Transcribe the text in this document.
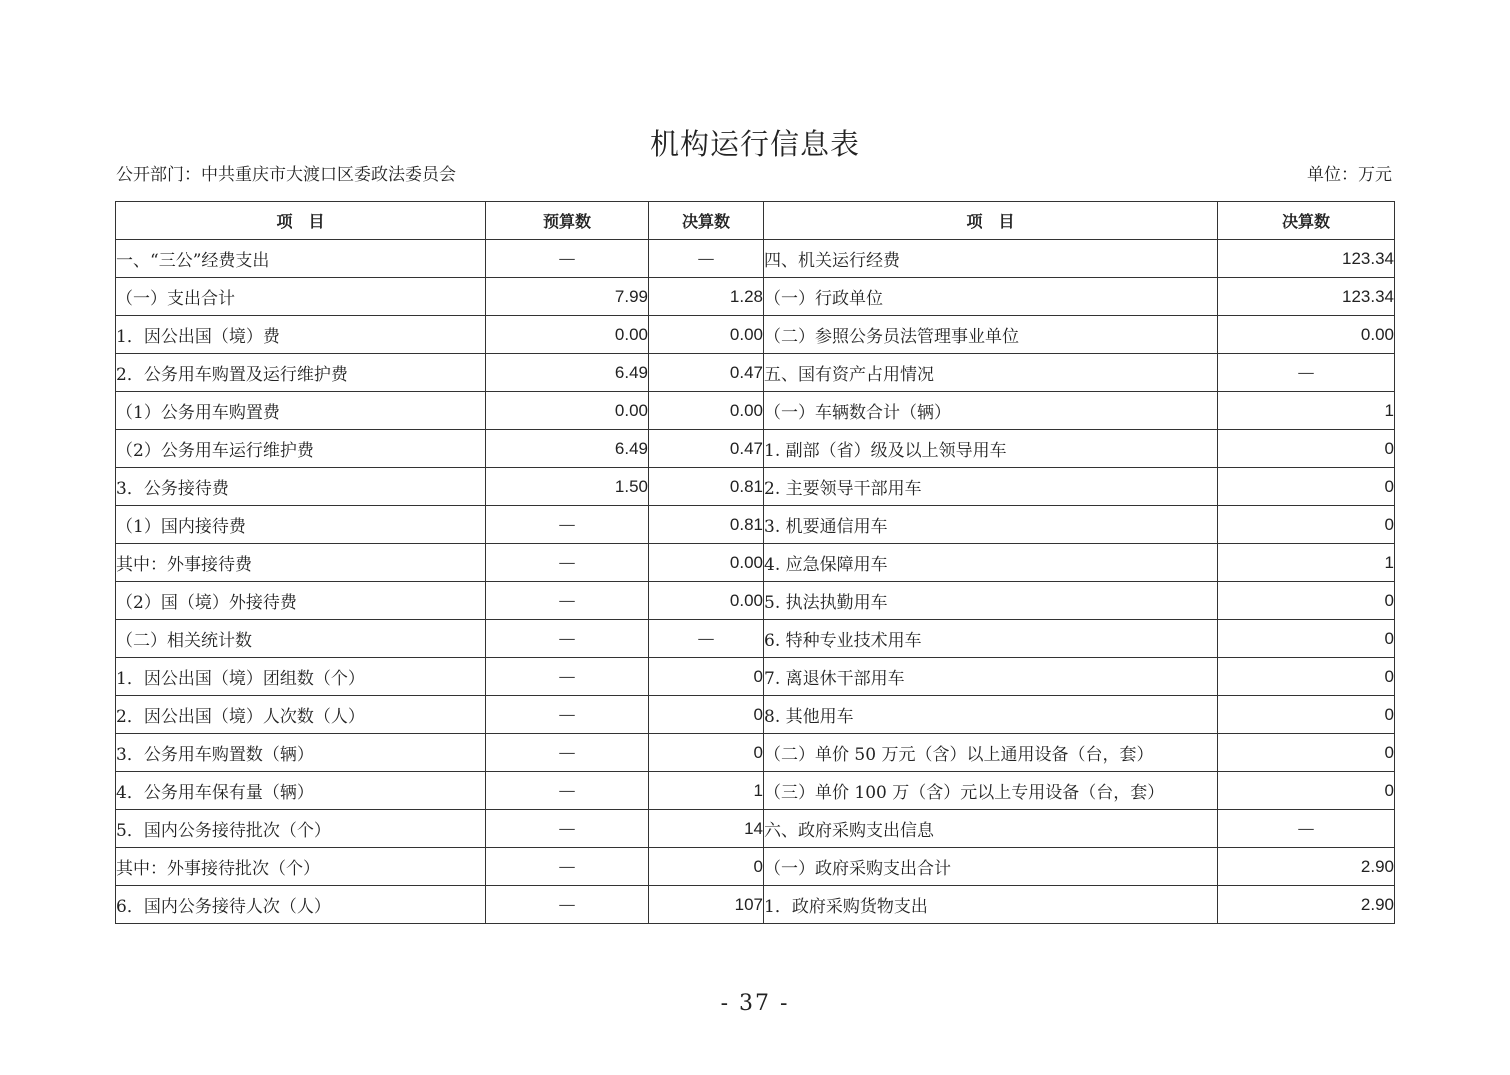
机构运行信息表
公开部门：中共重庆市大渡口区委政法委员会	单位：万元
项　目	预算数	决算数	项　目	决算数
一、“三公”经费支出	—	—	四、机关运行经费	123.34
（一）支出合计	7.99	1.28	（一）行政单位	123.34
1．因公出国（境）费	0.00	0.00	（二）参照公务员法管理事业单位	0.00
2．公务用车购置及运行维护费	6.49	0.47	五、国有资产占用情况	—
（1）公务用车购置费	0.00	0.00	（一）车辆数合计（辆）	1
（2）公务用车运行维护费	6.49	0.47	1. 副部（省）级及以上领导用车	0
3．公务接待费	1.50	0.81	2. 主要领导干部用车	0
（1）国内接待费	—	0.81	3. 机要通信用车	0
其中：外事接待费	—	0.00	4. 应急保障用车	1
（2）国（境）外接待费	—	0.00	5. 执法执勤用车	0
（二）相关统计数	—	—	6. 特种专业技术用车	0
1．因公出国（境）团组数（个）	—	0	7. 离退休干部用车	0
2．因公出国（境）人次数（人）	—	0	8. 其他用车	0
3．公务用车购置数（辆）	—	0	（二）单价 50 万元（含）以上通用设备（台，套）	0
4．公务用车保有量（辆）	—	1	（三）单价 100 万（含）元以上专用设备（台，套）	0
5．国内公务接待批次（个）	—	14	六、政府采购支出信息	—
其中：外事接待批次（个）	—	0	（一）政府采购支出合计	2.90
6．国内公务接待人次（人）	—	107	1．政府采购货物支出	2.90
- 37 -
